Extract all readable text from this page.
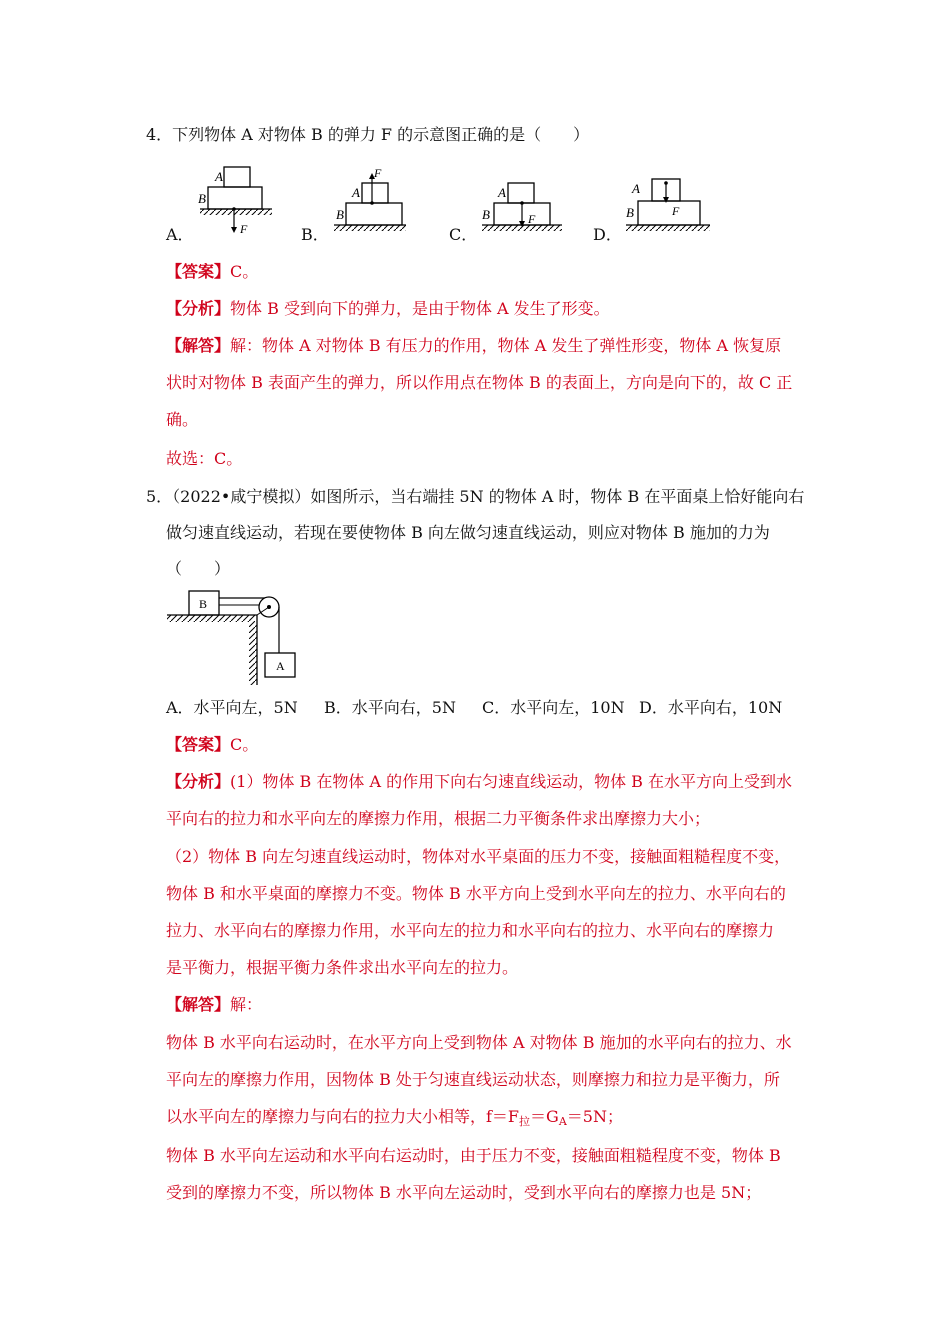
4．下列物体 A 对物体 B 的弹力 F 的示意图正确的是（　　）
A
B
F
A．
F
A
B
B．
A
B	F
C．
A
B	F
D．
【答案】C。
【分析】物体 B 受到向下的弹力，是由于物体 A 发生了形变。
【解答】解：物体 A 对物体 B 有压力的作用，物体 A 发生了弹性形变，物体 A 恢复原
状时对物体 B 表面产生的弹力，所以作用点在物体 B 的表面上，方向是向下的，故 C 正
确。
故选：C。
5．（2022•咸宁模拟）如图所示，当右端挂 5N 的物体 A 时，物体 B 在平面桌上恰好能向右
做匀速直线运动，若现在要使物体 B 向左做匀速直线运动，则应对物体 B 施加的力为
（　　）
B
A
A．水平向左，5N B．水平向右，5N C．水平向左，10N D．水平向右，10N
【答案】C。
【分析】(1）物体 B 在物体 A 的作用下向右匀速直线运动，物体 B 在水平方向上受到水
平向右的拉力和水平向左的摩擦力作用，根据二力平衡条件求出摩擦力大小；
（2）物体 B 向左匀速直线运动时，物体对水平桌面的压力不变，接触面粗糙程度不变，
物体 B 和水平桌面的摩擦力不变。物体 B 水平方向上受到水平向左的拉力、水平向右的
拉力、水平向右的摩擦力作用，水平向左的拉力和水平向右的拉力、水平向右的摩擦力
是平衡力，根据平衡力条件求出水平向左的拉力。
【解答】解：
物体 B 水平向右运动时，在水平方向上受到物体 A 对物体 B 施加的水平向右的拉力、水
平向左的摩擦力作用，因物体 B 处于匀速直线运动状态，则摩擦力和拉力是平衡力，所
以水平向左的摩擦力与向右的拉力大小相等，$f=F_拉=G_A=5N$；
物体 B 水平向左运动和水平向右运动时，由于压力不变，接触面粗糙程度不变，物体 B
受到的摩擦力不变，所以物体 B 水平向左运动时，受到水平向右的摩擦力也是 5N；
